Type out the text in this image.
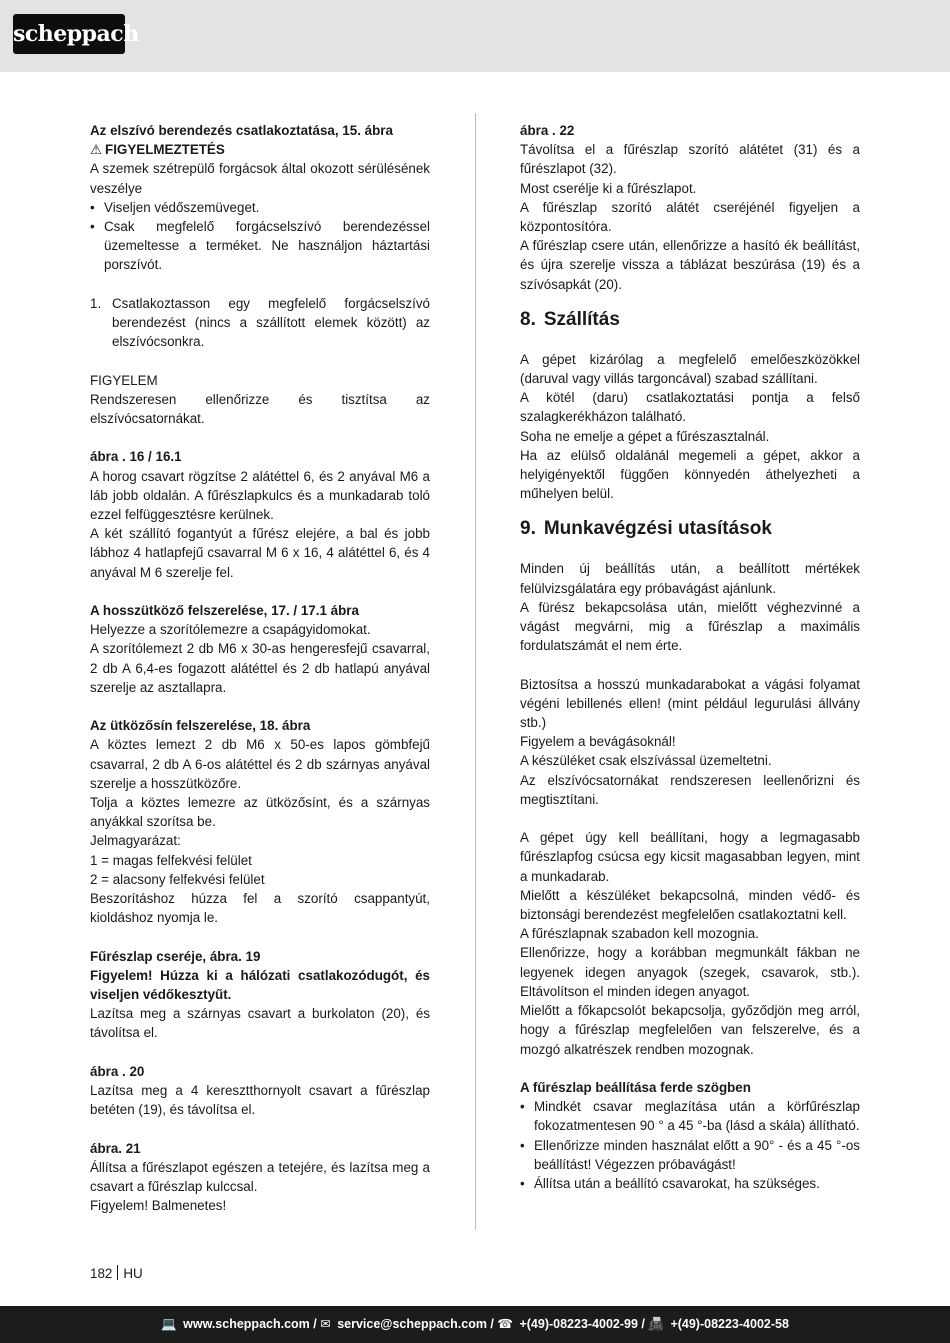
scheppach

Az elszívó berendezés csatlakoztatása, 15. ábra

⚠ FIGYELMEZTETÉS

A szemek szétrepülő forgácsok által okozott sérülésének veszélye

• Viseljen védőszemüveget.
• Csak megfelelő forgácselszívó berendezéssel üzemeltesse a terméket. Ne használjon háztartási porszívót.
1. Csatlakoztasson egy megfelelő forgácselszívó berendezést (nincs a szállított elemek között) az elszívócsonkra.

FIGYELEM

Rendszeresen ellenőrizze és tisztítsa az elszívócsatornákat.

ábra . 16 / 16.1

A horog csavart rögzítse 2 alátéttel 6, és 2 anyával M6 a láb jobb oldalán. A fűrészlapkulcs és a munkadarab toló ezzel felfüggesztésre kerülnek.

A két szállító fogantyút a fűrész elejére, a bal és jobb lábhoz 4 hatlapfejű csavarral M 6 x 16, 4 alátéttel 6, és 4 anyával M 6 szerelje fel.

A hosszütköző felszerelése, 17. / 17.1 ábra

Helyezze a szorítólemezre a csapágyidomokat.

A szorítólemezt 2 db M6 x 30-as hengeresfejű csavarral, 2 db A 6,4-es fogazott alátéttel és 2 db hatlapú anyával szerelje az asztallapra.

Az ütközősín felszerelése, 18. ábra

A köztes lemezt 2 db M6 x 50-es lapos gömbfejű csavarral, 2 db A 6-os alátéttel és 2 db szárnyas anyával szerelje a hosszütközőre.

Tolja a köztes lemezre az ütközősínt, és a szárnyas anyákkal szorítsa be.

Jelmagyarázat:

1 = magas felfekvési felület

2 = alacsony felfekvési felület

Beszorításhoz húzza fel a szorító csappantyút, kioldáshoz nyomja le.

Fűrészlap cseréje, ábra. 19

Figyelem! Húzza ki a hálózati csatlakozódugót, és viseljen védőkesztyűt.

Lazítsa meg a szárnyas csavart a burkolaton (20), és távolítsa el.

ábra . 20

Lazítsa meg a 4 keresztthornyolt csavart a fűrészlap betéten (19), és távolítsa el.

ábra. 21

Állítsa a fűrészlapot egészen a tetejére, és lazítsa meg a csavart a fűrészlap kulccsal.

Figyelem! Balmenetes!

ábra . 22

Távolítsa el a fűrészlap szorító alátétet (31) és a fűrészlapot (32).

Most cserélje ki a fűrészlapot.

A fűrészlap szorító alátét cseréjénél figyeljen a központosítóra.

A fűrészlap csere után, ellenőrizze a hasító ék beállítást, és újra szerelje vissza a táblázat beszúrása (19) és a szívósapkát (20).

8. Szállítás

A gépet kizárólag a megfelelő emelőeszközökkel (daruval vagy villás targoncával) szabad szállítani.

A kötél (daru) csatlakoztatási pontja a felső szalagkerékházon található.

Soha ne emelje a gépet a fűrészasztalnál.

Ha az elülső oldalánál megemeli a gépet, akkor a helyigényektől függően könnyedén áthelyezheti a műhelyen belül.

9. Munkavégzési utasítások

Minden új beállítás után, a beállított mértékek felülvizsgálatára egy próbavágást ajánlunk.

A fürész bekapcsolása után, mielőtt véghezvinné a vágást megvárni, mig a fűrészlap a maximális fordulatszámát el nem érte.

Biztosítsa a hosszú munkadarabokat a vágási folyamat végéni lebillenés ellen! (mint például legurulási állvány stb.)

Figyelem a bevágásoknál!

A készüléket csak elszívással üzemeltetni.

Az elszívócsatornákat rendszeresen leellenőrizni és megtisztítani.

A gépet úgy kell beállítani, hogy a legmagasabb fűrészlapfog csúcsa egy kicsit magasabban legyen, mint a munkadarab.

Mielőtt a készüléket bekapcsolná, minden védő- és biztonsági berendezést megfelelően csatlakoztatni kell.

A fűrészlapnak szabadon kell mozognia.

Ellenőrizze, hogy a korábban megmunkált fákban ne legyenek idegen anyagok (szegek, csavarok, stb.). Eltávolítson el minden idegen anyagot.

Mielőtt a főkapcsolót bekapcsolja, győződjön meg arról, hogy a fűrészlap megfelelően van felszerelve, és a mozgó alkatrészek rendben mozognak.

A fűrészlap beállítása ferde szögben

• Mindkét csavar meglazítása után a körfűrészlap fokozatmentesen 90 ° a 45 °-ba (lásd a skála) állítható.
• Ellenőrizze minden használat előtt a 90° - és a 45 °-os beállítást! Végezzen próbavágást!
• Állítsa után a beállító csavarokat, ha szükséges.
182 HU
💻 www.scheppach.com / ✉ service@scheppach.com / ☎ +(49)-08223-4002-99 / 📠 +(49)-08223-4002-58
